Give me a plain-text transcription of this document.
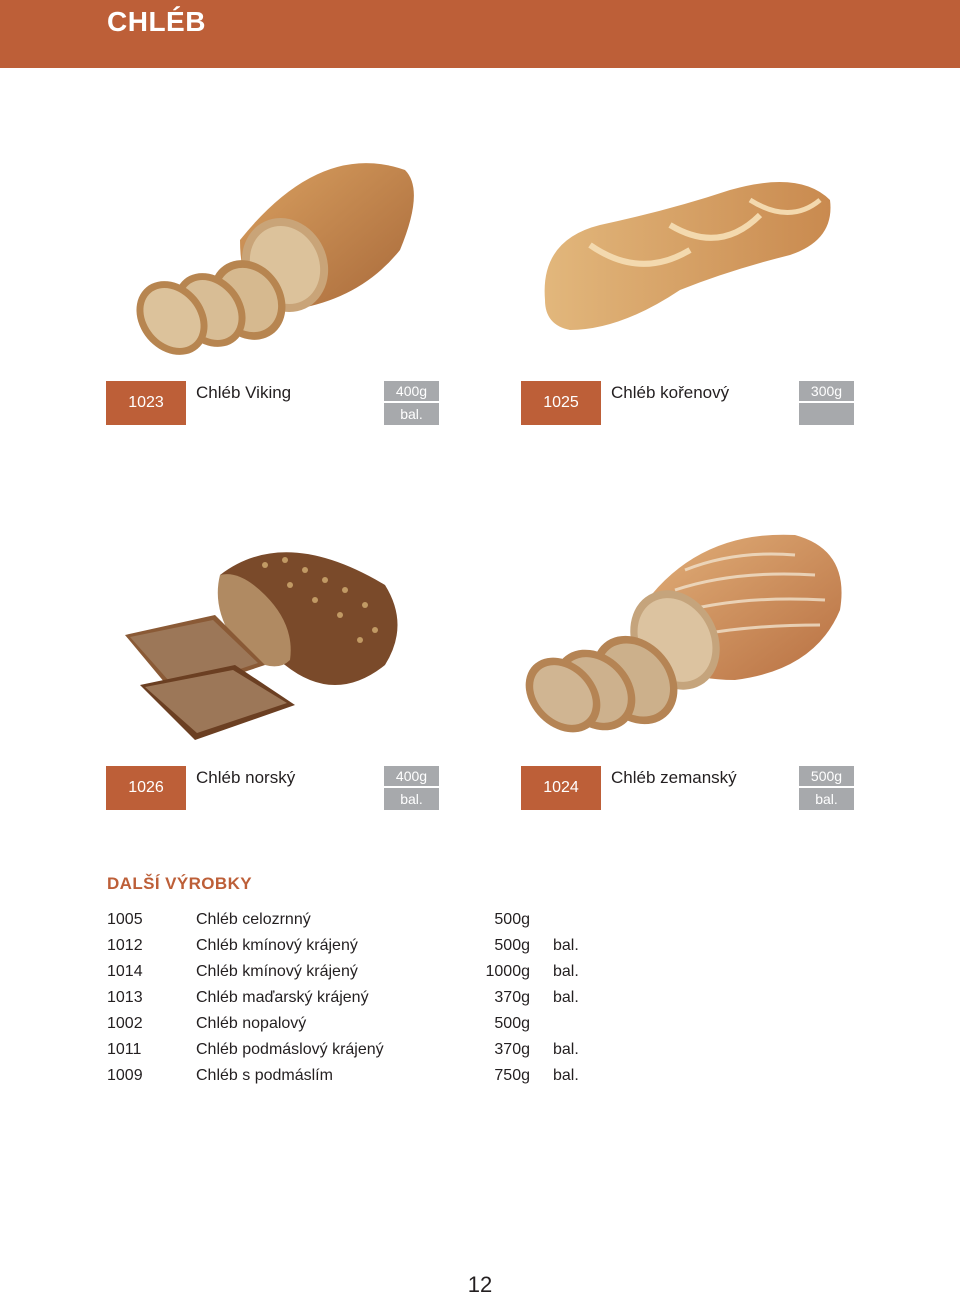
CHLÉB
1023
Chléb Viking	400g
bal.
1025
Chléb kořenový	300g
1026
Chléb norský	400g
bal.
1024
Chléb zemanský	500g
bal.
DALŠÍ VÝROBKY
1005	Chléb celozrnný	500g
1012	Chléb kmínový krájený	500g bal.
1014	Chléb kmínový krájený	1000g bal.
1013	Chléb maďarský krájený	370g bal.
1002	Chléb nopalový	500g
1011	Chléb podmáslový krájený	370g bal.
1009	Chléb s podmáslím	750g bal.
12
